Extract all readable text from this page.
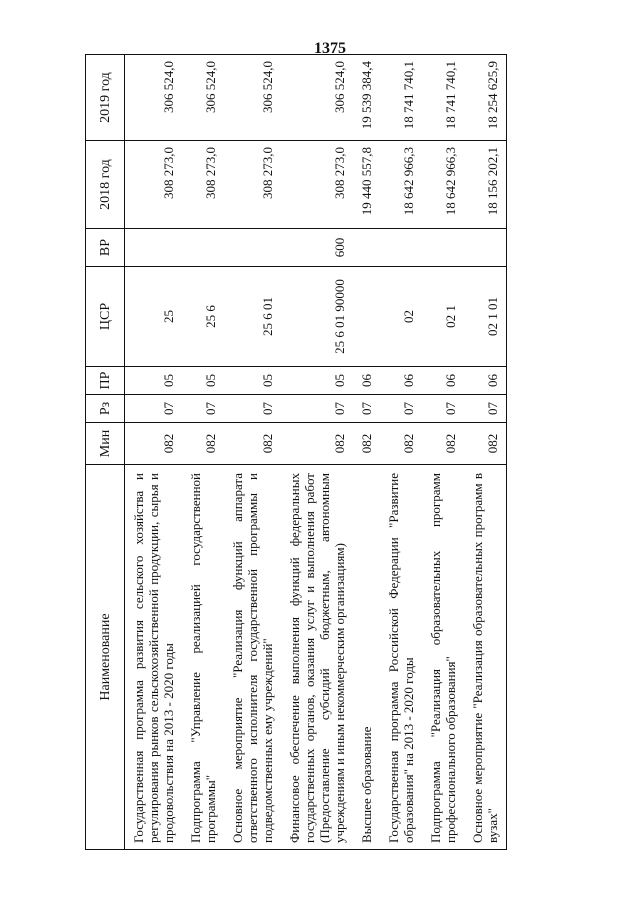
1375
Наименование	Мин	Рз	ПР	ЦСР	ВР	2018 год	2019 год
Государственная программа развития сельского хозяйства и регулирования рынков сельскохозяйственной продукции, сырья и продовольствия на 2013 - 2020 годы	082	07	05	25		308 273,0	306 524,0
Подпрограмма "Управление реализацией государственной программы"	082	07	05	25 6		308 273,0	306 524,0
Основное мероприятие "Реализация функций аппарата ответственного исполнителя государственной программы и подведомственных ему учреждений"	082	07	05	25 6 01		308 273,0	306 524,0
Финансовое обеспечение выполнения функций федеральных государственных органов, оказания услуг и выполнения работ (Предоставление субсидий бюджетным, автономным учреждениям и иным некоммерческим организациям)	082	07	05	25 6 01 90000	600	308 273,0	306 524,0
Высшее образование	082	07	06			19 440 557,8	19 539 384,4
Государственная программа Российской Федерации "Развитие образования" на 2013 - 2020 годы	082	07	06	02		18 642 966,3	18 741 740,1
Подпрограмма "Реализация образовательных программ профессионального образования"	082	07	06	02 1		18 642 966,3	18 741 740,1
Основное мероприятие "Реализация образовательных программ в вузах"	082	07	06	02 1 01		18 156 202,1	18 254 625,9
